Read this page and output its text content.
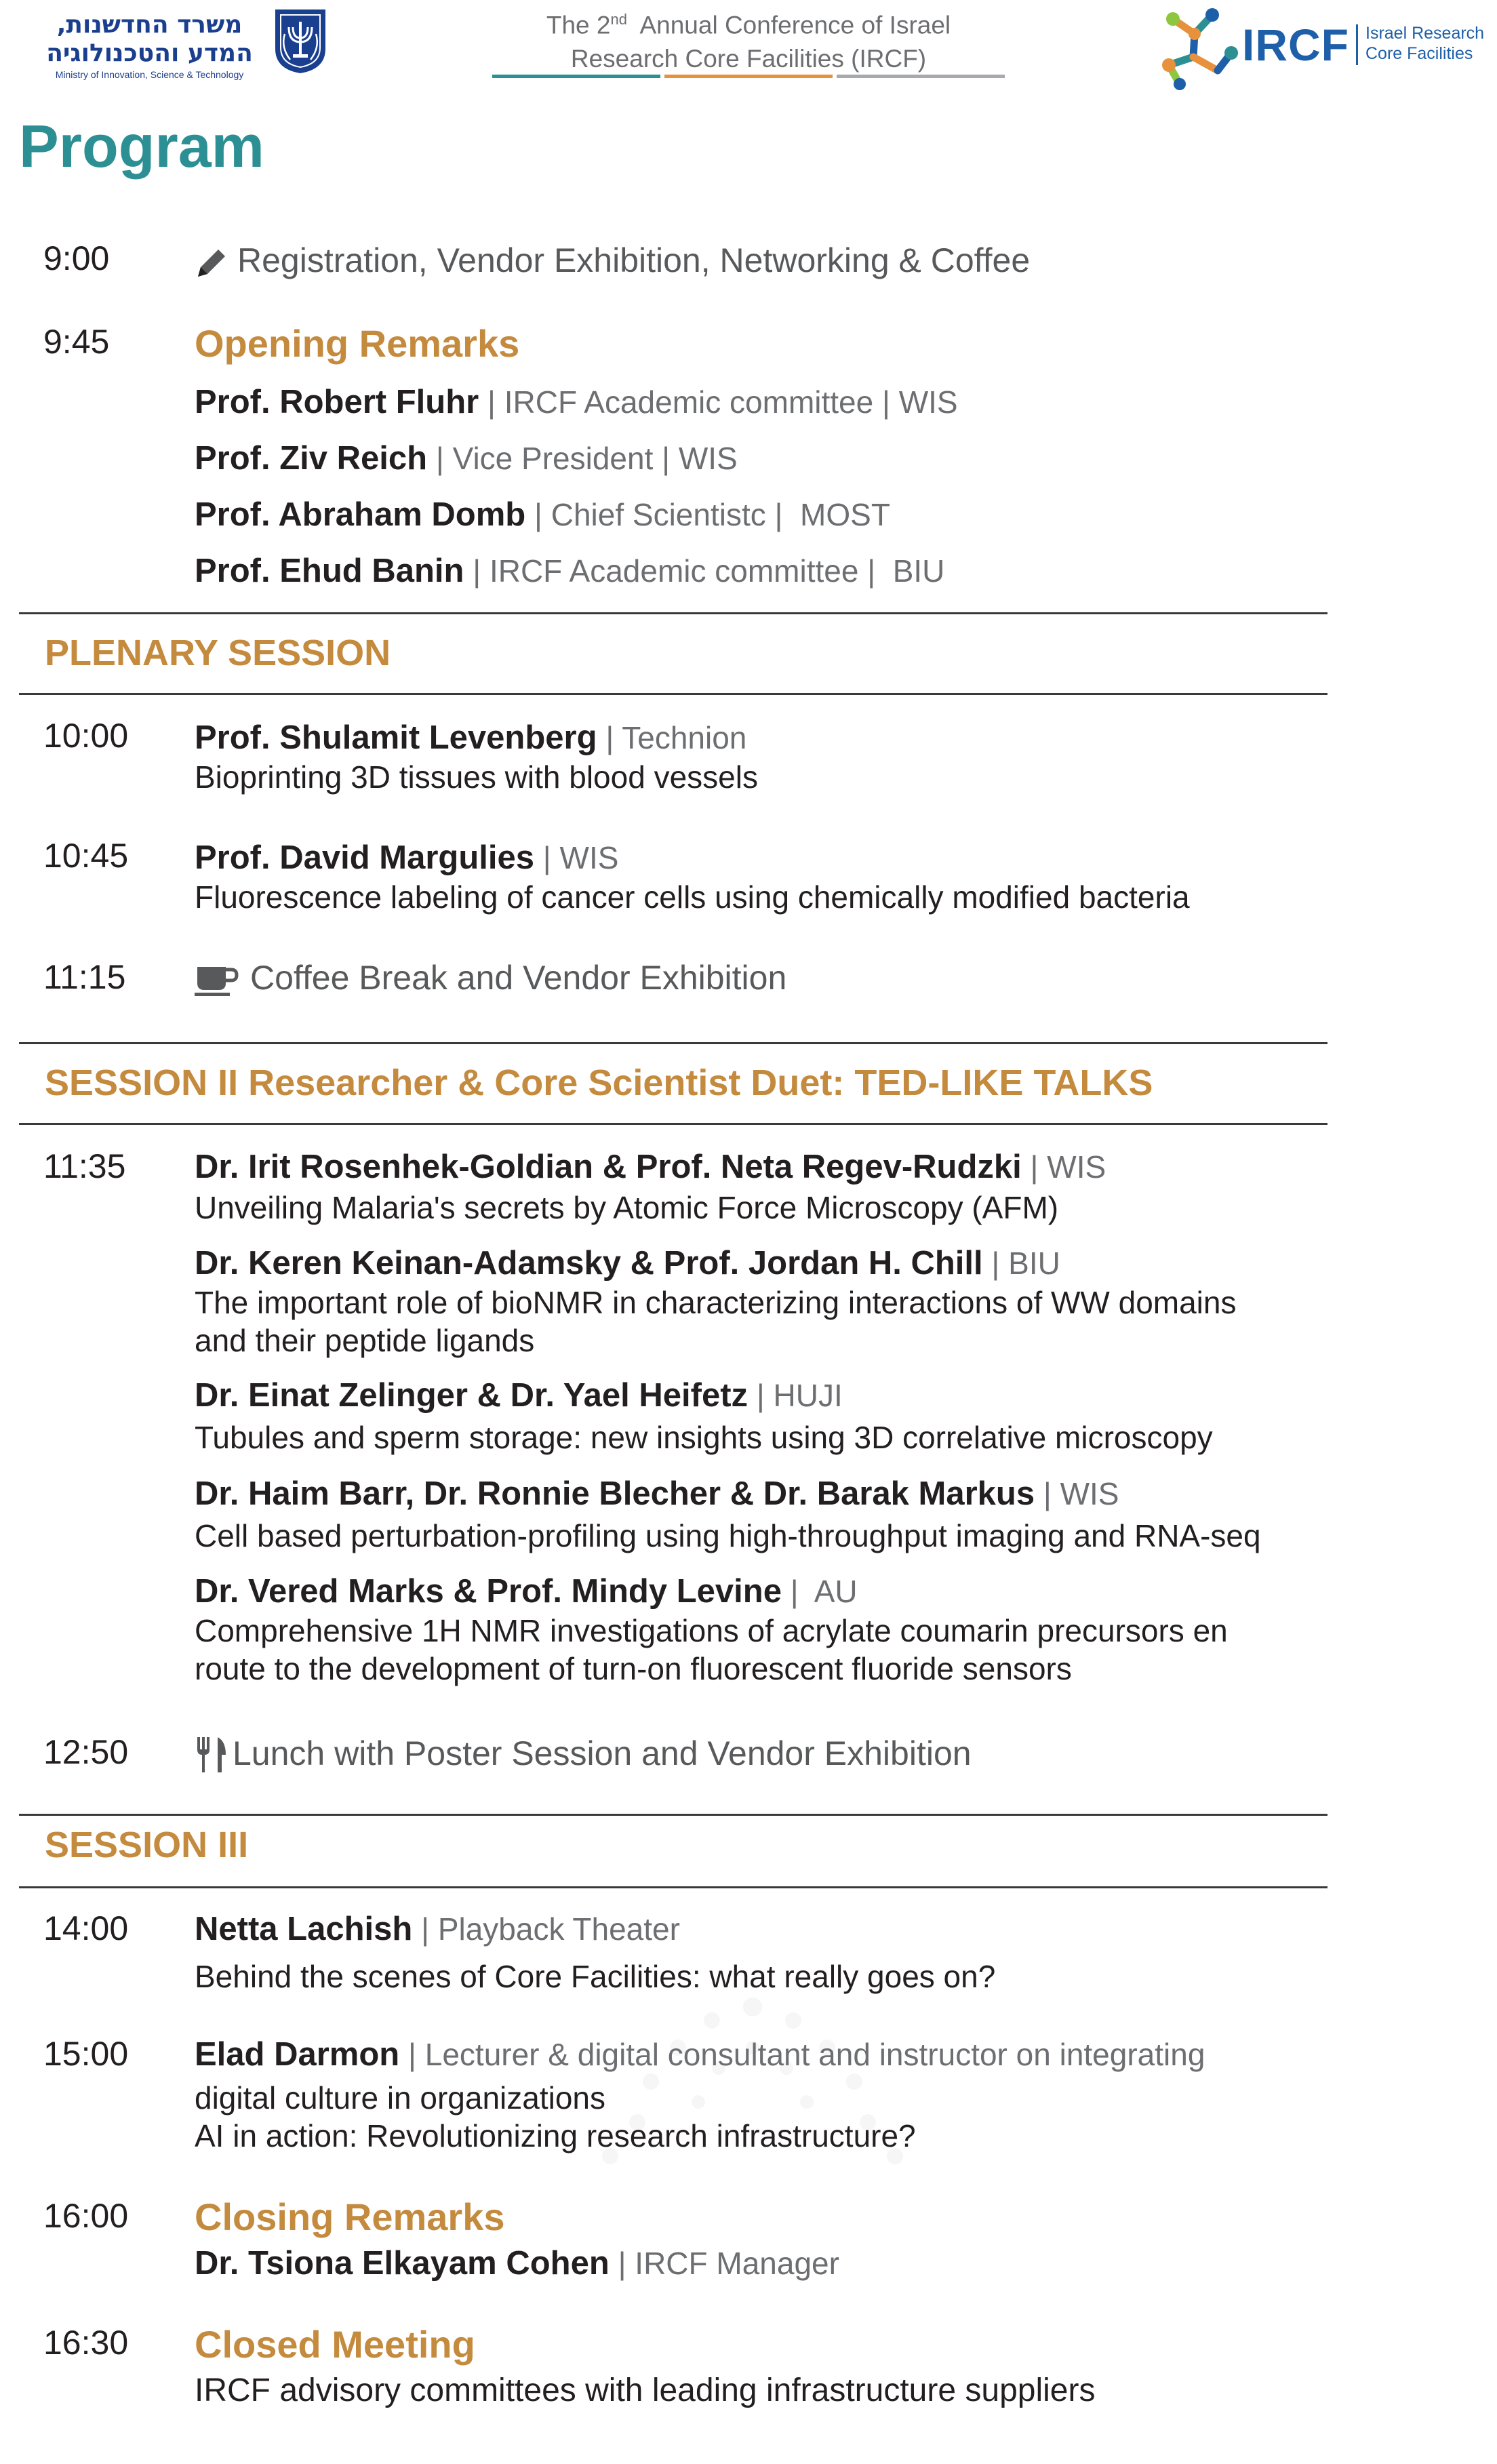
משרד החדשנות,
המדע והטכנולוגיה
Ministry of Innovation, Science & Technology
The 2nd  Annual Conference of Israel
Research Core Facilities (IRCF)	IRCF Israel Research
Core Facilities
Program
9:00	Registration, Vendor Exhibition, Networking & Coffee
9:45 Opening Remarks
Prof. Robert Fluhr | IRCF Academic committee | WIS
Prof. Ziv Reich | Vice President | WIS
Prof. Abraham Domb | Chief Scientistc |  MOST
Prof. Ehud Banin | IRCF Academic committee |  BIU
PLENARY SESSION
10:00 Prof. Shulamit Levenberg | Technion
Bioprinting 3D tissues with blood vessels
10:45 Prof. David Margulies | WIS
Fluorescence labeling of cancer cells using chemically modified bacteria
11:15	Coffee Break and Vendor Exhibition
SESSION II Researcher & Core Scientist Duet: TED-LIKE TALKS
11:35 Dr. Irit Rosenhek-Goldian & Prof. Neta Regev-Rudzki | WIS
Unveiling Malaria's secrets by Atomic Force Microscopy (AFM)
Dr. Keren Keinan-Adamsky & Prof. Jordan H. Chill | BIU
The important role of bioNMR in characterizing interactions of WW domains
and their peptide ligands
Dr. Einat Zelinger & Dr. Yael Heifetz | HUJI
Tubules and sperm storage: new insights using 3D correlative microscopy
Dr. Haim Barr, Dr. Ronnie Blecher & Dr. Barak Markus | WIS
Cell based perturbation-profiling using high-throughput imaging and RNA-seq
Dr. Vered Marks & Prof. Mindy Levine |  AU
Comprehensive 1H NMR investigations of acrylate coumarin precursors en
route to the development of turn-on fluorescent fluoride sensors
12:50	Lunch with Poster Session and Vendor Exhibition
SESSION III
14:00 Netta Lachish | Playback Theater
Behind the scenes of Core Facilities: what really goes on?
15:00 Elad Darmon | Lecturer & digital consultant and instructor on integrating
digital culture in organizations
AI in action: Revolutionizing research infrastructure?
16:00 Closing Remarks
Dr. Tsiona Elkayam Cohen | IRCF Manager
16:30 Closed Meeting
IRCF advisory committees with leading infrastructure suppliers
